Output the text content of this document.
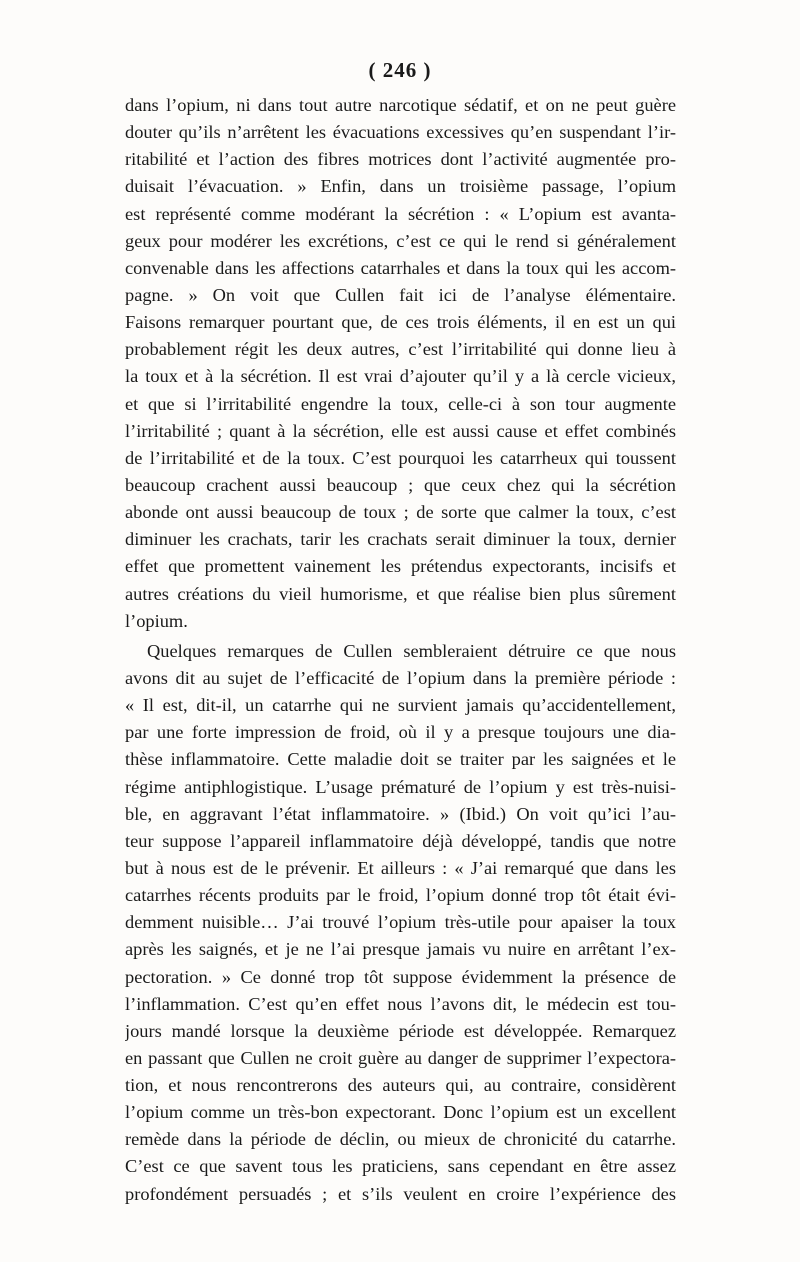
( 246 )
dans l’opium, ni dans tout autre narcotique sédatif, et on ne peut guère
douter qu’ils n’arrêtent les évacuations excessives qu’en suspendant l’ir-
ritabilité et l’action des fibres motrices dont l’activité augmentée pro-
duisait l’évacuation. » Enfin, dans un troisième passage, l’opium
est représenté comme modérant la sécrétion : « L’opium est avanta-
geux pour modérer les excrétions, c’est ce qui le rend si généralement
convenable dans les affections catarrhales et dans la toux qui les accom-
pagne. » On voit que Cullen fait ici de l’analyse élémentaire.
Faisons remarquer pourtant que, de ces trois éléments, il en est un qui
probablement régit les deux autres, c’est l’irritabilité qui donne lieu à
la toux et à la sécrétion. Il est vrai d’ajouter qu’il y a là cercle vicieux,
et que si l’irritabilité engendre la toux, celle-ci à son tour augmente
l’irritabilité ; quant à la sécrétion, elle est aussi cause et effet combinés
de l’irritabilité et de la toux. C’est pourquoi les catarrheux qui toussent
beaucoup crachent aussi beaucoup ; que ceux chez qui la sécrétion
abonde ont aussi beaucoup de toux ; de sorte que calmer la toux, c’est
diminuer les crachats, tarir les crachats serait diminuer la toux, dernier
effet que promettent vainement les prétendus expectorants, incisifs et
autres créations du vieil humorisme, et que réalise bien plus sûrement
l’opium.
Quelques remarques de Cullen sembleraient détruire ce que nous
avons dit au sujet de l’efficacité de l’opium dans la première période :
« Il est, dit-il, un catarrhe qui ne survient jamais qu’accidentellement,
par une forte impression de froid, où il y a presque toujours une dia-
thèse inflammatoire. Cette maladie doit se traiter par les saignées et le
régime antiphlogistique. L’usage prématuré de l’opium y est très-nuisi-
ble, en aggravant l’état inflammatoire. » (Ibid.) On voit qu’ici l’au-
teur suppose l’appareil inflammatoire déjà développé, tandis que notre
but à nous est de le prévenir. Et ailleurs : « J’ai remarqué que dans les
catarrhes récents produits par le froid, l’opium donné trop tôt était évi-
demment nuisible… J’ai trouvé l’opium très-utile pour apaiser la toux
après les saignés, et je ne l’ai presque jamais vu nuire en arrêtant l’ex-
pectoration. » Ce donné trop tôt suppose évidemment la présence de
l’inflammation. C’est qu’en effet nous l’avons dit, le médecin est tou-
jours mandé lorsque la deuxième période est développée. Remarquez
en passant que Cullen ne croit guère au danger de supprimer l’expectora-
tion, et nous rencontrerons des auteurs qui, au contraire, considèrent
l’opium comme un très-bon expectorant. Donc l’opium est un excellent
remède dans la période de déclin, ou mieux de chronicité du catarrhe.
C’est ce que savent tous les praticiens, sans cependant en être assez
profondément persuadés ; et s’ils veulent en croire l’expérience des
